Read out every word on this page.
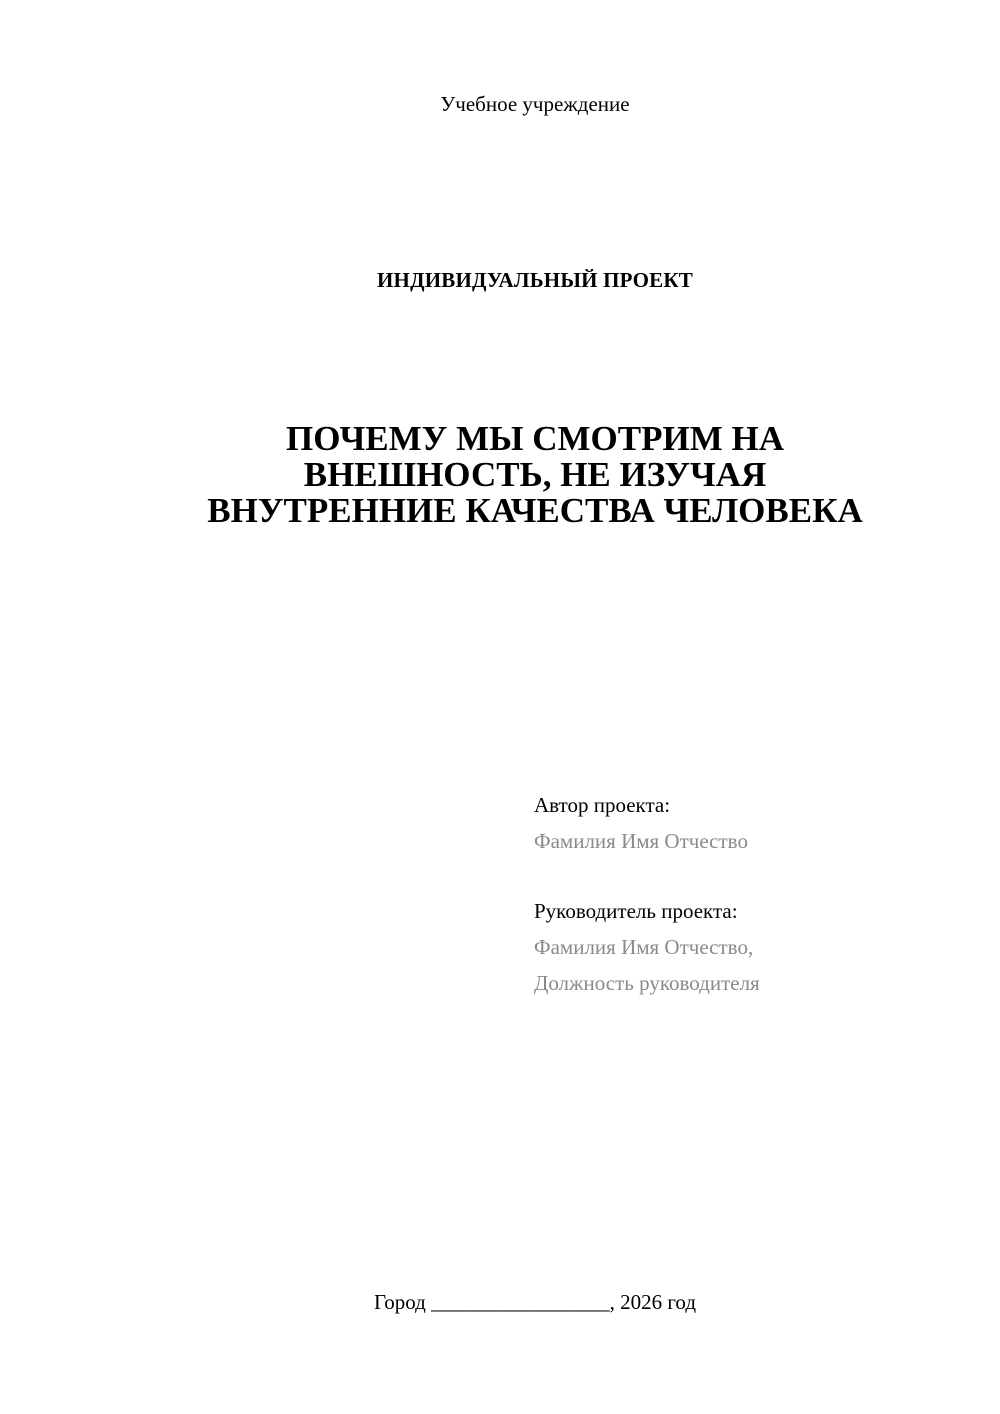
Учебное учреждение
ИНДИВИДУАЛЬНЫЙ ПРОЕКТ
ПОЧЕМУ МЫ СМОТРИМ НА
ВНЕШНОСТЬ, НЕ ИЗУЧАЯ
ВНУТРЕННИЕ КАЧЕСТВА ЧЕЛОВЕКА
Автор проекта:
Фамилия Имя Отчество
Руководитель проекта:
Фамилия Имя Отчество,
Должность руководителя
Город _________________, 2026 год
